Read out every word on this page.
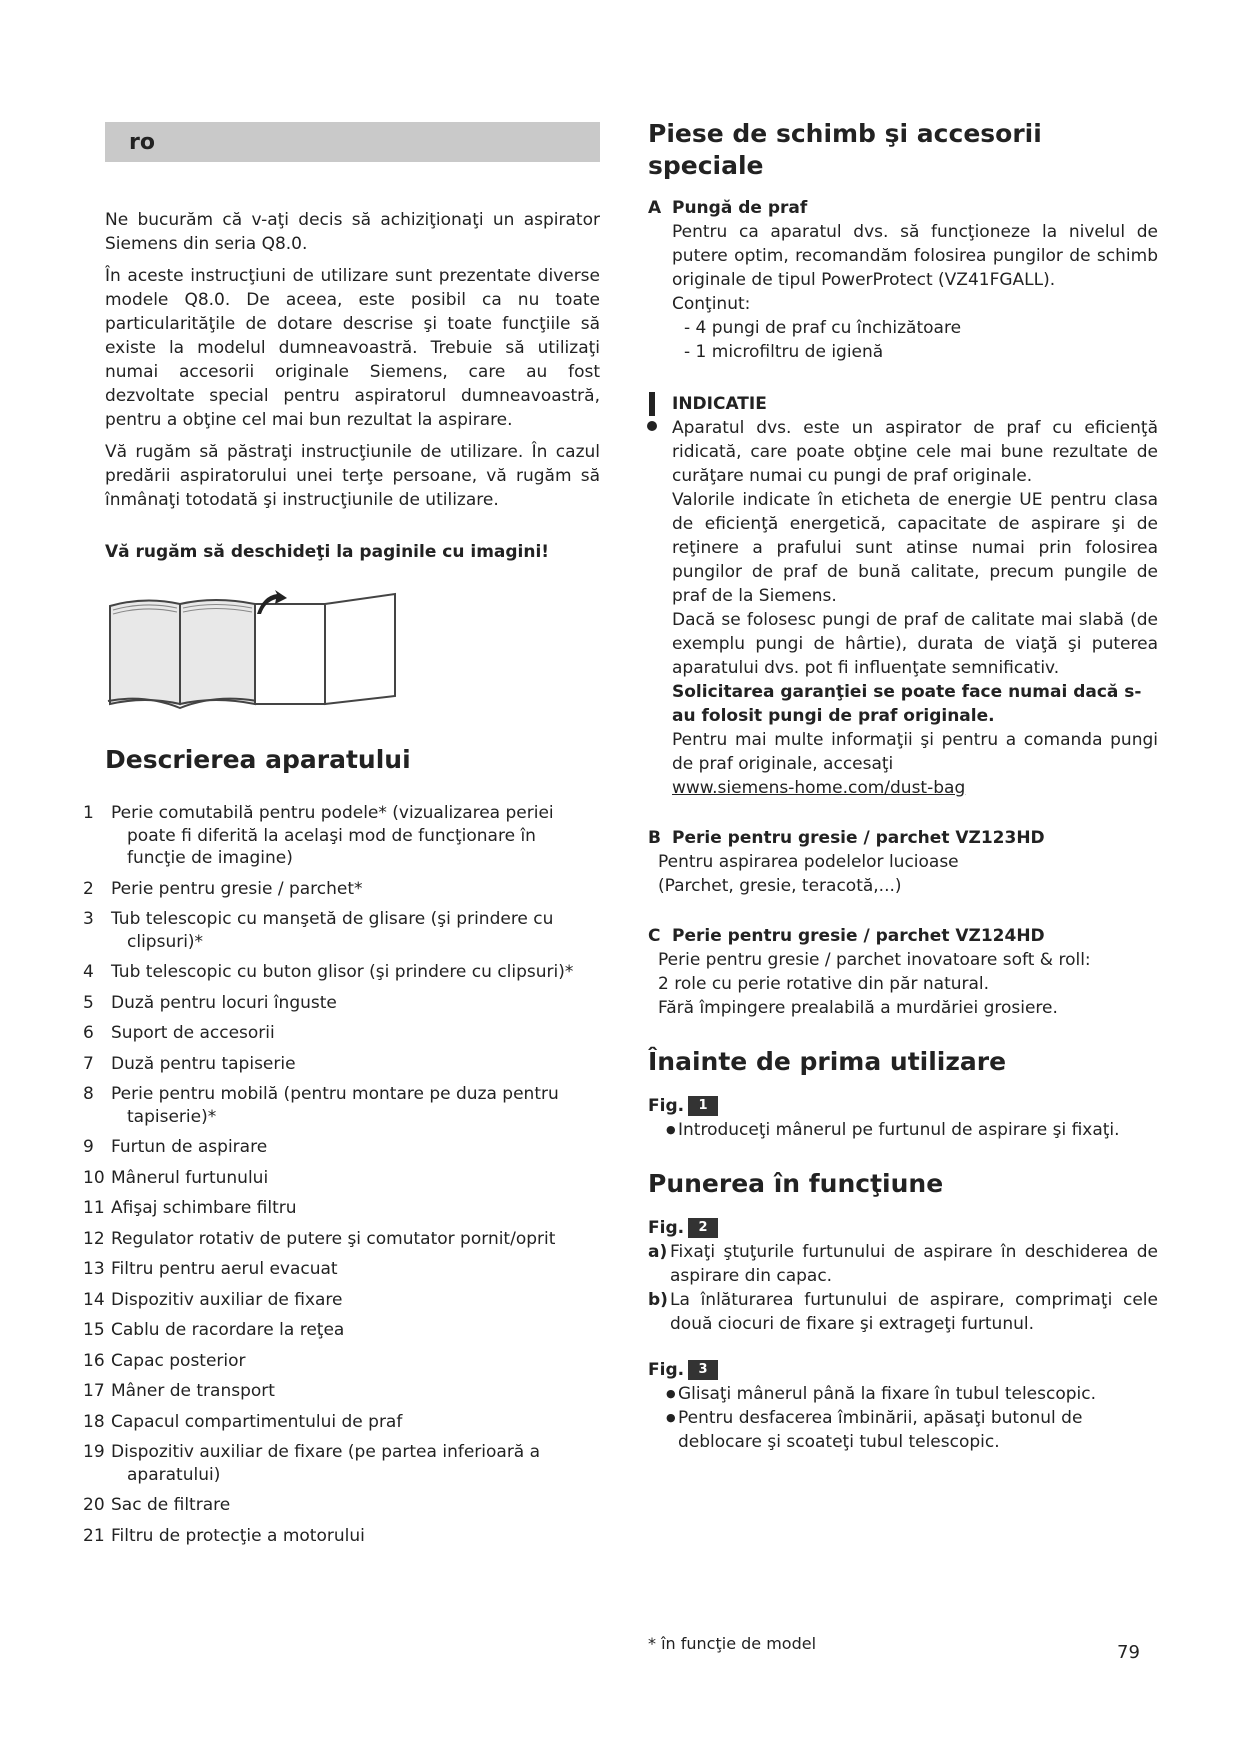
ro

Ne bucurăm că v-aţi decis să achiziţionaţi un aspirator Siemens din seria Q8.0.

În aceste instrucţiuni de utilizare sunt prezentate diverse modele Q8.0. De aceea, este posibil ca nu toate particularităţile de dotare descrise şi toate funcţiile să existe la modelul dumneavoastră. Trebuie să utilizaţi numai accesorii originale Siemens, care au fost dezvoltate special pentru aspiratorul dumneavoastră, pentru a obţine cel mai bun rezultat la aspirare.

Vă rugăm să păstraţi instrucţiunile de utilizare. În cazul predării aspiratorului unei terţe persoane, vă rugăm să înmânaţi totodată şi instrucţiunile de utilizare.

Vă rugăm să deschideţi la paginile cu imagini!

Descrierea aparatului
1 Perie comutabilă pentru podele* (vizualizarea periei poate fi diferită la acelaşi mod de funcţionare în funcţie de imagine)
2 Perie pentru gresie / parchet*
3 Tub telescopic cu manşetă de glisare (şi prindere cu clipsuri)*
4 Tub telescopic cu buton glisor (şi prindere cu clipsuri)*
5 Duză pentru locuri înguste
6 Suport de accesorii
7 Duză pentru tapiserie
8 Perie pentru mobilă (pentru montare pe duza pentru tapiserie)*
9 Furtun de aspirare
10 Mânerul furtunului
11 Afişaj schimbare filtru
12 Regulator rotativ de putere şi comutator pornit/oprit
13 Filtru pentru aerul evacuat
14 Dispozitiv auxiliar de fixare
15 Cablu de racordare la reţea
16 Capac posterior
17 Mâner de transport
18 Capacul compartimentului de praf
19 Dispozitiv auxiliar de fixare (pe partea inferioară a aparatului)
20 Sac de filtrare
21 Filtru de protecţie a motorului
Piese de schimb şi accesorii speciale
A Pungă de praf

Pentru ca aparatul dvs. să funcţioneze la nivelul de putere optim, recomandăm folosirea pungilor de schimb originale de tipul PowerProtect (VZ41FGALL).

Conţinut:

- 4 pungi de praf cu închizătoare
- 1 microfiltru de igienă
INDICATIE

Aparatul dvs. este un aspirator de praf cu eficienţă ridicată, care poate obţine cele mai bune rezultate de curăţare numai cu pungi de praf originale.

Valorile indicate în eticheta de energie UE pentru clasa de eficienţă energetică, capacitate de aspirare şi de reţinere a prafului sunt atinse numai prin folosirea pungilor de praf de bună calitate, precum pungile de praf de la Siemens.

Dacă se folosesc pungi de praf de calitate mai slabă (de exemplu pungi de hârtie), durata de viaţă şi puterea aparatului dvs. pot fi influenţate semnificativ.

Solicitarea garanţiei se poate face numai dacă s-au folosit pungi de praf originale.

Pentru mai multe informaţii şi pentru a comanda pungi de praf originale, accesaţi

www.siemens-home.com/dust-bag

B Perie pentru gresie / parchet VZ123HD

Pentru aspirarea podelelor lucioase

(Parchet, gresie, teracotă,...)

C Perie pentru gresie / parchet VZ124HD

Perie pentru gresie / parchet inovatoare soft & roll:

2 role cu perie rotative din păr natural.

Fără împingere prealabilă a murdăriei grosiere.

Înainte de prima utilizare
Fig.	1
● Introduceţi mânerul pe furtunul de aspirare şi fixaţi.
Punerea în funcţiune
Fig.	2
a) Fixaţi ştuţurile furtunului de aspirare în deschiderea de aspirare din capac.
b) La înlăturarea furtunului de aspirare, comprimaţi cele două ciocuri de fixare şi extrageţi furtunul.
Fig.	3
● Glisaţi mânerul până la fixare în tubul telescopic.
● Pentru desfacerea îmbinării, apăsaţi butonul de deblocare şi scoateţi tubul telescopic.
* în funcţie de model	79
